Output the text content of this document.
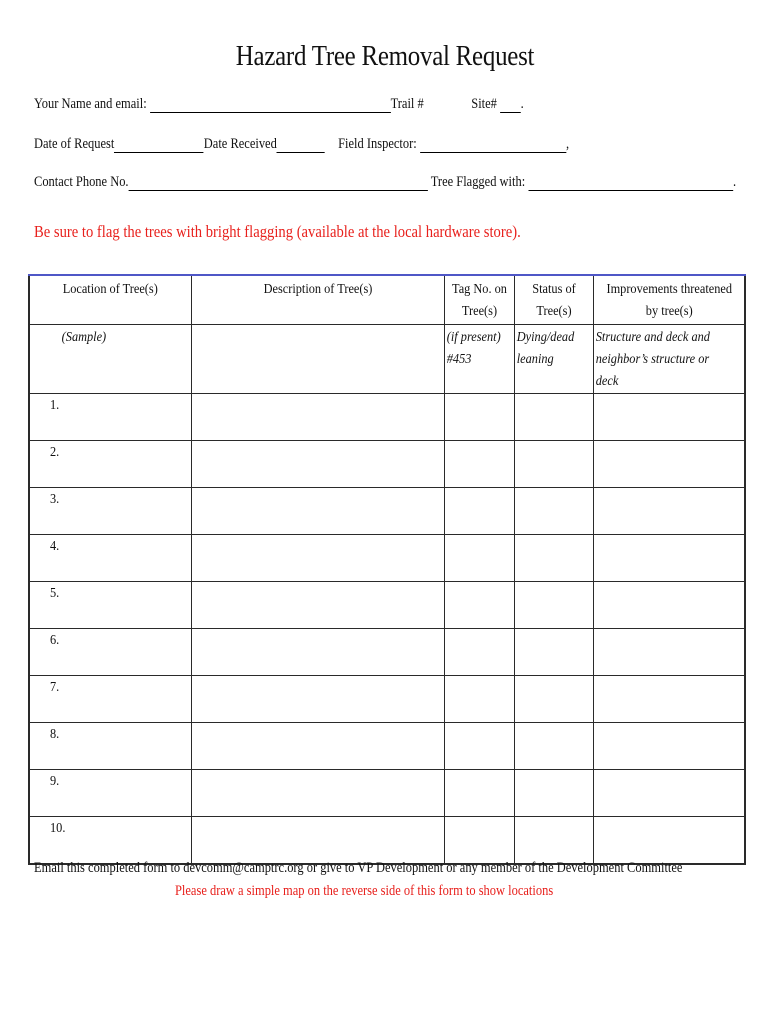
Hazard Tree Removal Request
Your Name and email:	Trail #	Site# .
Date of Request	Date Received	Field Inspector:	,
Contact Phone No.	Tree Flagged with:	.
Be sure to flag the trees with bright flagging (available at the local hardware store).
Location of Tree(s)	Description of Tree(s)	Tag No. on Tree(s)	Status of Tree(s)	Improvements threatened by tree(s)

(Sample)		(if present) #453	Dying/dead leaning	Structure and deck and neighbor’s structure or deck

1.				

2.				

3.				

4.				

5.				

6.				

7.				

8.				

9.				

10.				

Email this completed form to devcomm@camptrc.org or give to VP Development or any member of the Development Committee
Please draw a simple map on the reverse side of this form to show locations
